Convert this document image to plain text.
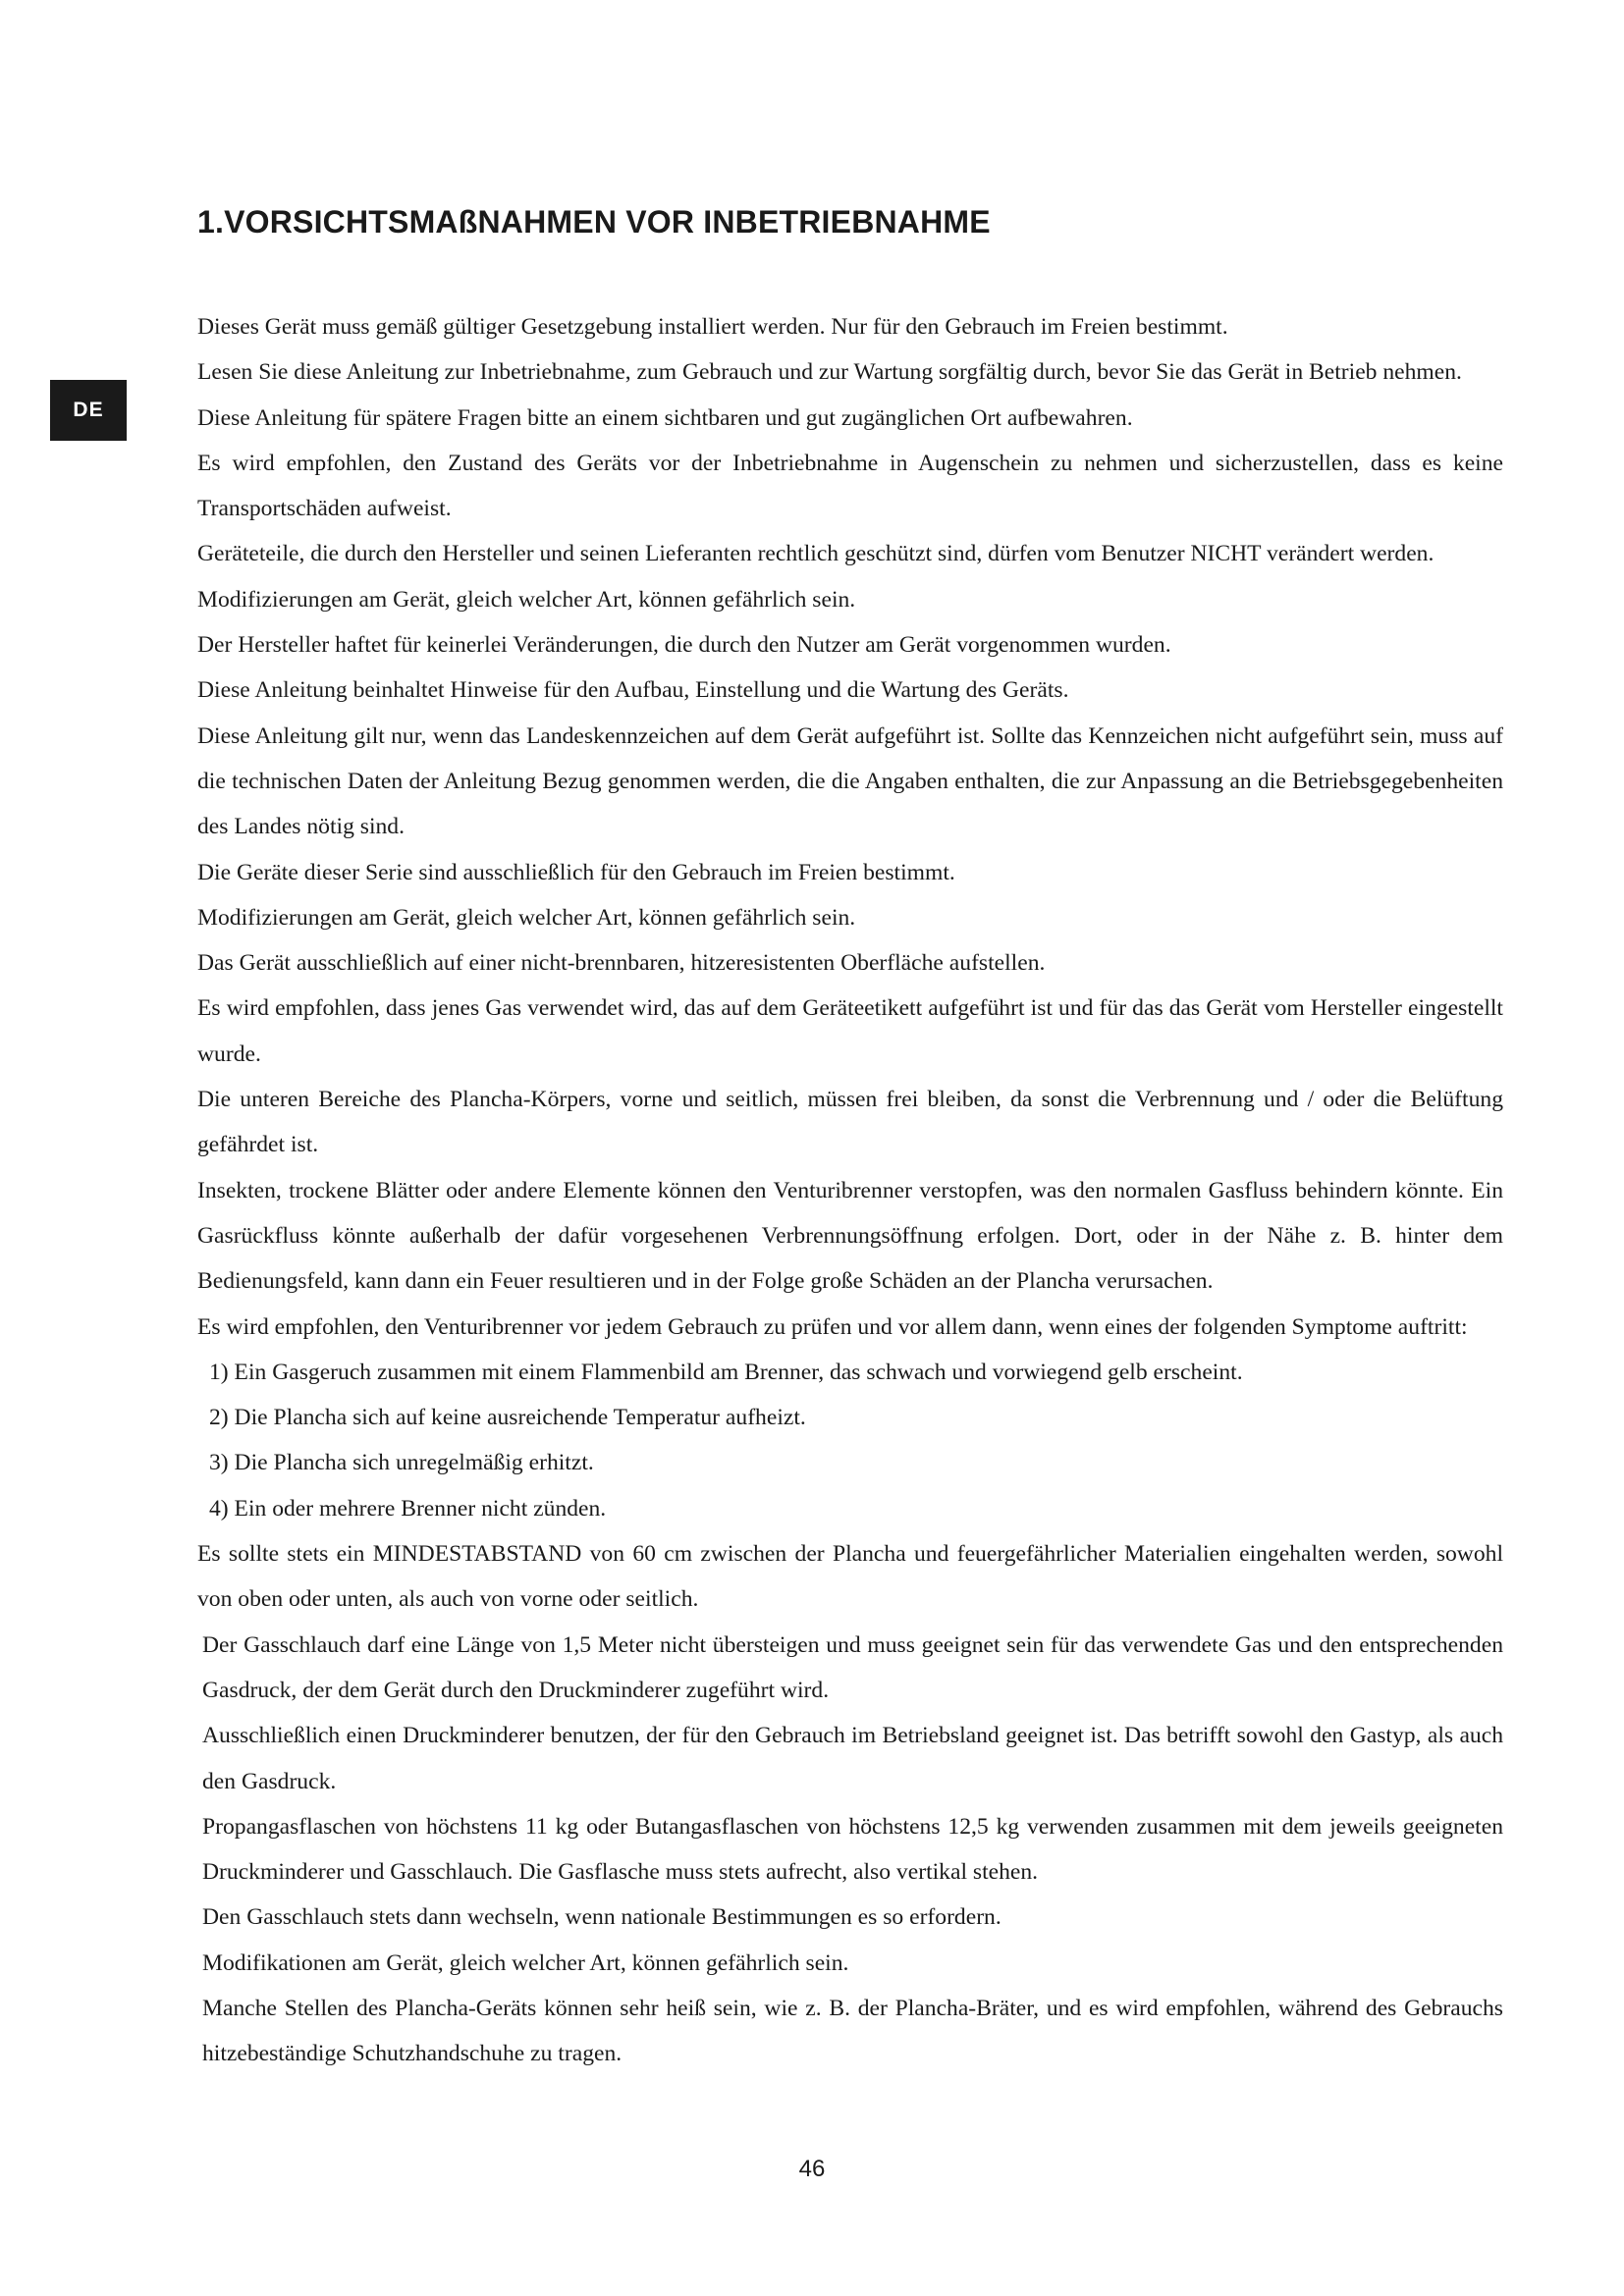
DE
1.VORSICHTSMAßNAHMEN VOR INBETRIEBNAHME

Dieses Gerät muss gemäß gültiger Gesetzgebung installiert werden. Nur für den Gebrauch im Freien bestimmt.

Lesen Sie diese Anleitung zur Inbetriebnahme, zum Gebrauch und zur Wartung sorgfältig durch, bevor Sie das Gerät in Betrieb nehmen.

Diese Anleitung für spätere Fragen bitte an einem sichtbaren und gut zugänglichen Ort aufbewahren.

Es wird empfohlen, den Zustand des Geräts vor der Inbetriebnahme in Augenschein zu nehmen und sicherzustellen, dass es keine Transportschäden aufweist.

Geräteteile, die durch den Hersteller und seinen Lieferanten rechtlich geschützt sind, dürfen vom Benutzer NICHT verändert werden.

Modifizierungen am Gerät, gleich welcher Art, können gefährlich sein.

Der Hersteller haftet für keinerlei Veränderungen, die durch den Nutzer am Gerät vorgenommen wurden.

Diese Anleitung beinhaltet Hinweise für den Aufbau, Einstellung und die Wartung des Geräts.

Diese Anleitung gilt nur, wenn das Landeskennzeichen auf dem Gerät aufgeführt ist. Sollte das Kennzeichen nicht aufgeführt sein, muss auf die technischen Daten der Anleitung Bezug genommen werden, die die Angaben enthalten, die zur Anpassung an die Betriebsgegebenheiten des Landes nötig sind.

Die Geräte dieser Serie sind ausschließlich für den Gebrauch im Freien bestimmt.

Modifizierungen am Gerät, gleich welcher Art, können gefährlich sein.

Das Gerät ausschließlich auf einer nicht-brennbaren, hitzeresistenten Oberfläche aufstellen.

Es wird empfohlen, dass jenes Gas verwendet wird, das auf dem Geräteetikett aufgeführt ist und für das das Gerät vom Hersteller eingestellt wurde.

Die unteren Bereiche des Plancha-Körpers, vorne und seitlich, müssen frei bleiben, da sonst die Verbrennung und / oder die Belüftung gefährdet ist.

Insekten, trockene Blätter oder andere Elemente können den Venturibrenner verstopfen, was den normalen Gasfluss behindern könnte. Ein Gasrückfluss könnte außerhalb der dafür vorgesehenen Verbrennungsöffnung erfolgen. Dort, oder in der Nähe z. B. hinter dem Bedienungsfeld, kann dann ein Feuer resultieren und in der Folge große Schäden an der Plancha verursachen.

Es wird empfohlen, den Venturibrenner vor jedem Gebrauch zu prüfen und vor allem dann, wenn eines der folgenden Symptome auftritt:

1) Ein Gasgeruch zusammen mit einem Flammenbild am Brenner, das schwach und vorwiegend gelb erscheint.

2) Die Plancha sich auf keine ausreichende Temperatur aufheizt.

3) Die Plancha sich unregelmäßig erhitzt.

4) Ein oder mehrere Brenner nicht zünden.

Es sollte stets ein MINDESTABSTAND von 60 cm zwischen der Plancha und feuergefährlicher Materialien eingehalten werden, sowohl von oben oder unten, als auch von vorne oder seitlich.

Der Gasschlauch darf eine Länge von 1,5 Meter nicht übersteigen und muss geeignet sein für das verwendete Gas und den entsprechenden Gasdruck, der dem Gerät durch den Druckminderer zugeführt wird.

Ausschließlich einen Druckminderer benutzen, der für den Gebrauch im Betriebsland geeignet ist. Das betrifft sowohl den Gastyp, als auch den Gasdruck.

Propangasflaschen von höchstens 11 kg oder Butangasflaschen von höchstens 12,5 kg verwenden zusammen mit dem jeweils geeigneten Druckminderer und Gasschlauch. Die Gasflasche muss stets aufrecht, also vertikal stehen.

Den Gasschlauch stets dann wechseln, wenn nationale Bestimmungen es so erfordern.

Modifikationen am Gerät, gleich welcher Art, können gefährlich sein.

Manche Stellen des Plancha-Geräts können sehr heiß sein, wie z. B. der Plancha-Bräter, und es wird empfohlen, während des Gebrauchs hitzebeständige Schutzhandschuhe zu tragen.

46
